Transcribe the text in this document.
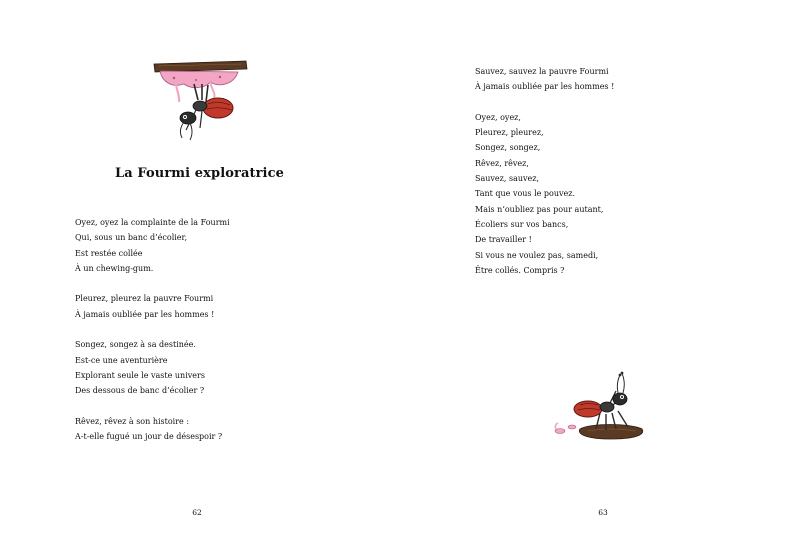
La Fourmi exploratrice
Oyez, oyez la complainte de la Fourmi
Qui, sous un banc d’écolier,
Est restée collée
À un chewing-gum.
Pleurez, pleurez la pauvre Fourmi
À jamais oubliée par les hommes !
Songez, songez à sa destinée.
Est-ce une aventurière
Explorant seule le vaste univers
Des dessous de banc d’écolier ?
Rêvez, rêvez à son histoire :
A-t-elle fugué un jour de désespoir ?
62
Sauvez, sauvez la pauvre Fourmi
À jamais oubliée par les hommes !
Oyez, oyez,
Pleurez, pleurez,
Songez, songez,
Rêvez, rêvez,
Sauvez, sauvez,
Tant que vous le pouvez.
Mais n’oubliez pas pour autant,
Écoliers sur vos bancs,
De travailler !
Si vous ne voulez pas, samedi,
Être collés. Compris ?
63
